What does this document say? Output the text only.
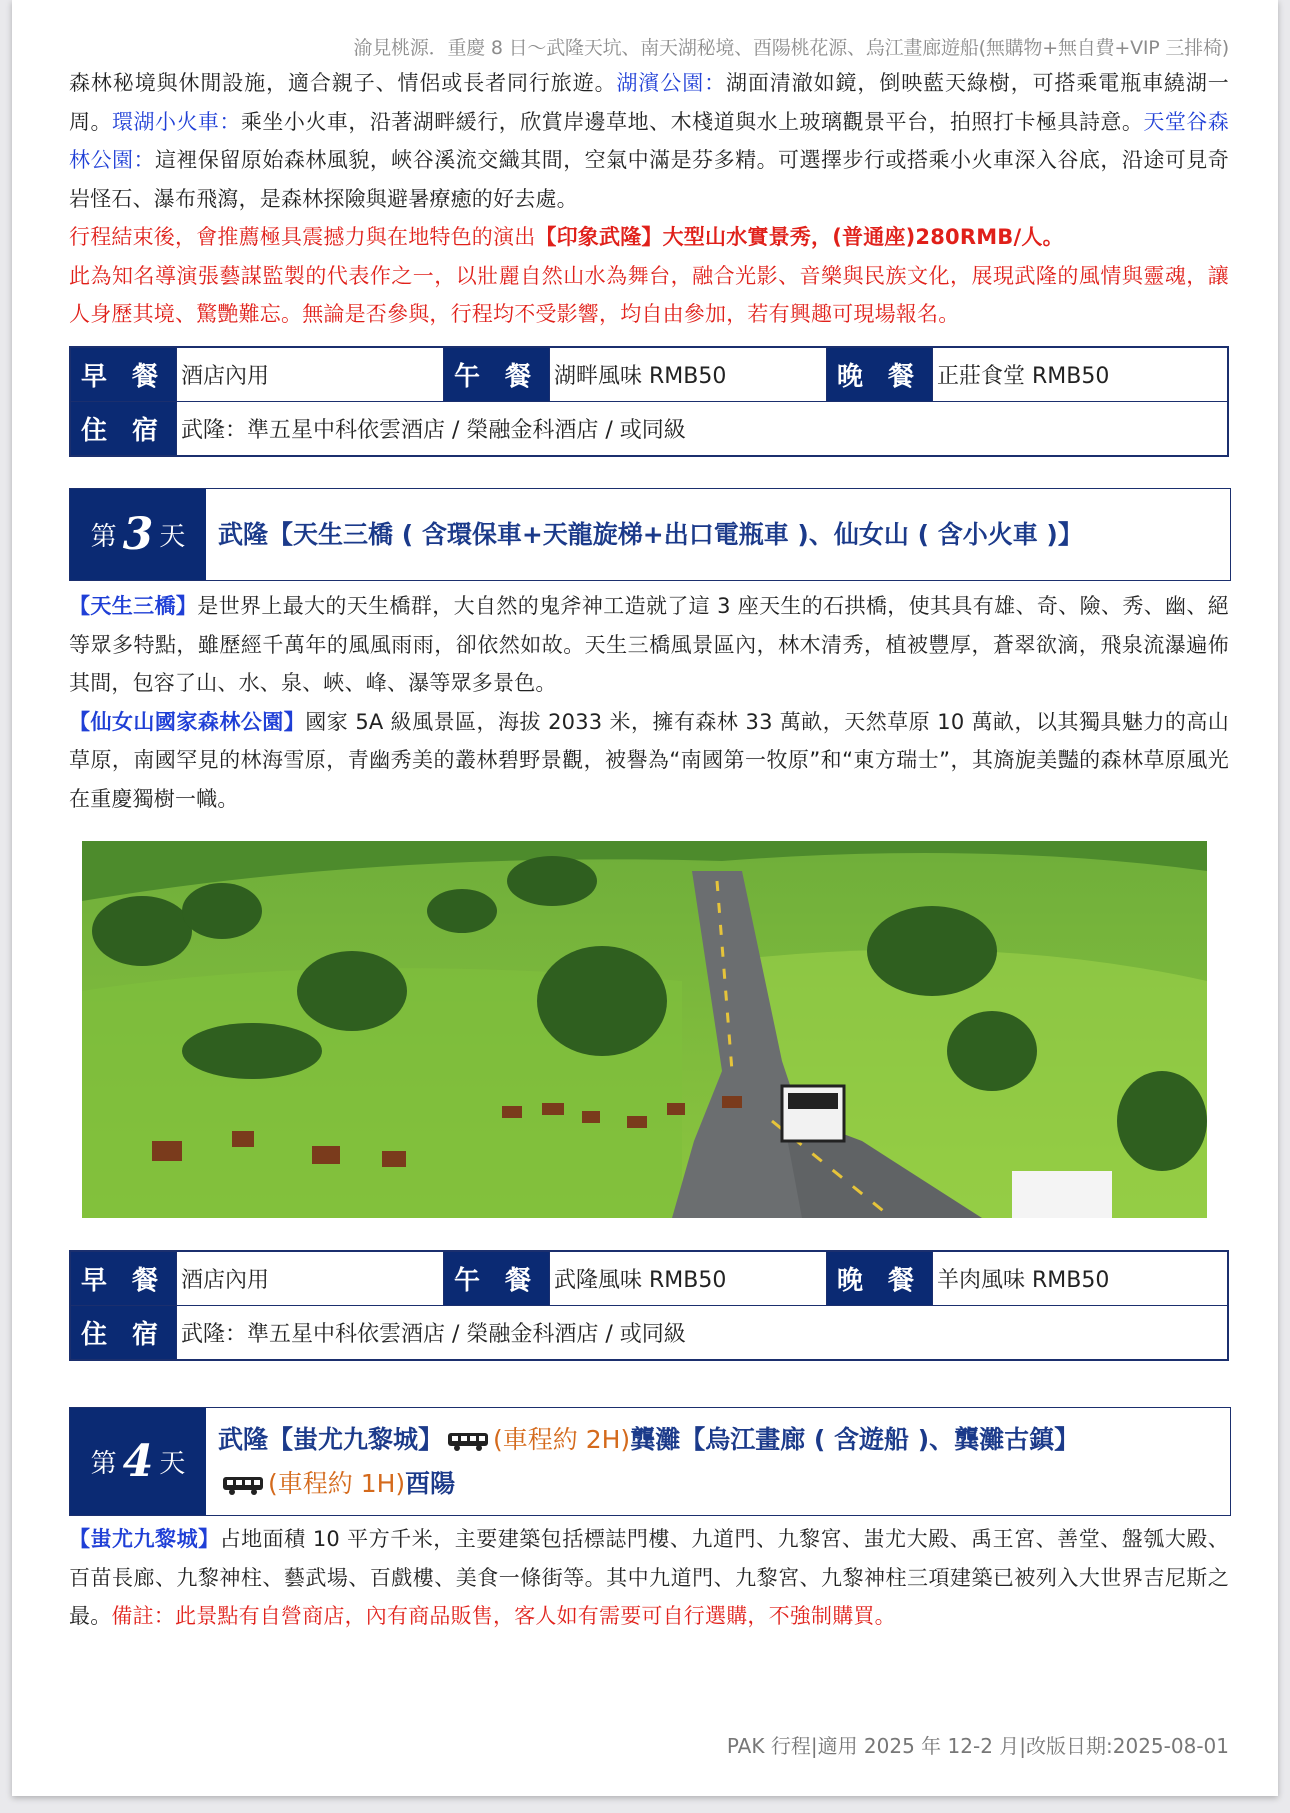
渝見桃源．重慶 8 日～武隆天坑、南天湖秘境、酉陽桃花源、烏江畫廊遊船(無購物+無自費+VIP 三排椅)

森林秘境與休閒設施，適合親子、情侶或長者同行旅遊。湖濱公園：湖面清澈如鏡，倒映藍天綠樹，可搭乘電瓶車繞湖一周。環湖小火車：乘坐小火車，沿著湖畔緩行，欣賞岸邊草地、木棧道與水上玻璃觀景平台，拍照打卡極具詩意。天堂谷森林公園：這裡保留原始森林風貌，峽谷溪流交織其間，空氣中滿是芬多精。可選擇步行或搭乘小火車深入谷底，沿途可見奇岩怪石、瀑布飛瀉，是森林探險與避暑療癒的好去處。

行程結束後，會推薦極具震撼力與在地特色的演出【印象武隆】大型山水實景秀，(普通座)280RMB/人。

此為知名導演張藝謀監製的代表作之一，以壯麗自然山水為舞台，融合光影、音樂與民族文化，展現武隆的風情與靈魂，讓人身歷其境、驚艷難忘。無論是否參與，行程均不受影響，均自由參加，若有興趣可現場報名。

早 餐	酒店內用	午 餐	湖畔風味 RMB50	晚 餐	正莊食堂 RMB50
住 宿	武隆：準五星中科依雲酒店 / 榮融金科酒店 / 或同級				
第 3 天 武隆【天生三橋 ( 含環保車+天龍旋梯+出口電瓶車 )、仙女山 ( 含小火車 )】

【天生三橋】是世界上最大的天生橋群，大自然的鬼斧神工造就了這 3 座天生的石拱橋，使其具有雄、奇、險、秀、幽、絕等眾多特點，雖歷經千萬年的風風雨雨，卻依然如故。天生三橋風景區內，林木清秀，植被豐厚，蒼翠欲滴，飛泉流瀑遍佈其間，包容了山、水、泉、峽、峰、瀑等眾多景色。

【仙女山國家森林公園】國家 5A 級風景區，海拔 2033 米，擁有森林 33 萬畝，天然草原 10 萬畝，以其獨具魅力的高山草原，南國罕見的林海雪原，青幽秀美的叢林碧野景觀，被譽為“南國第一牧原”和“東方瑞士”，其旖旎美豔的森林草原風光在重慶獨樹一幟。

早 餐	酒店內用	午 餐	武隆風味 RMB50	晚 餐	羊肉風味 RMB50
住 宿	武隆：準五星中科依雲酒店 / 榮融金科酒店 / 或同級				
第 4 天
武隆【蚩尤九黎城】 (車程約 2H)龔灘【烏江畫廊 ( 含遊船 )、龔灘古鎮】
(車程約 1H)酉陽

【蚩尤九黎城】占地面積 10 平方千米，主要建築包括標誌門樓、九道門、九黎宮、蚩尤大殿、禹王宮、善堂、盤瓠大殿、百苗長廊、九黎神柱、藝武場、百戲樓、美食一條街等。其中九道門、九黎宮、九黎神柱三項建築已被列入大世界吉尼斯之最。備註：此景點有自營商店，內有商品販售，客人如有需要可自行選購，不強制購買。

PAK 行程|適用 2025 年 12-2 月|改版日期:2025-08-01
